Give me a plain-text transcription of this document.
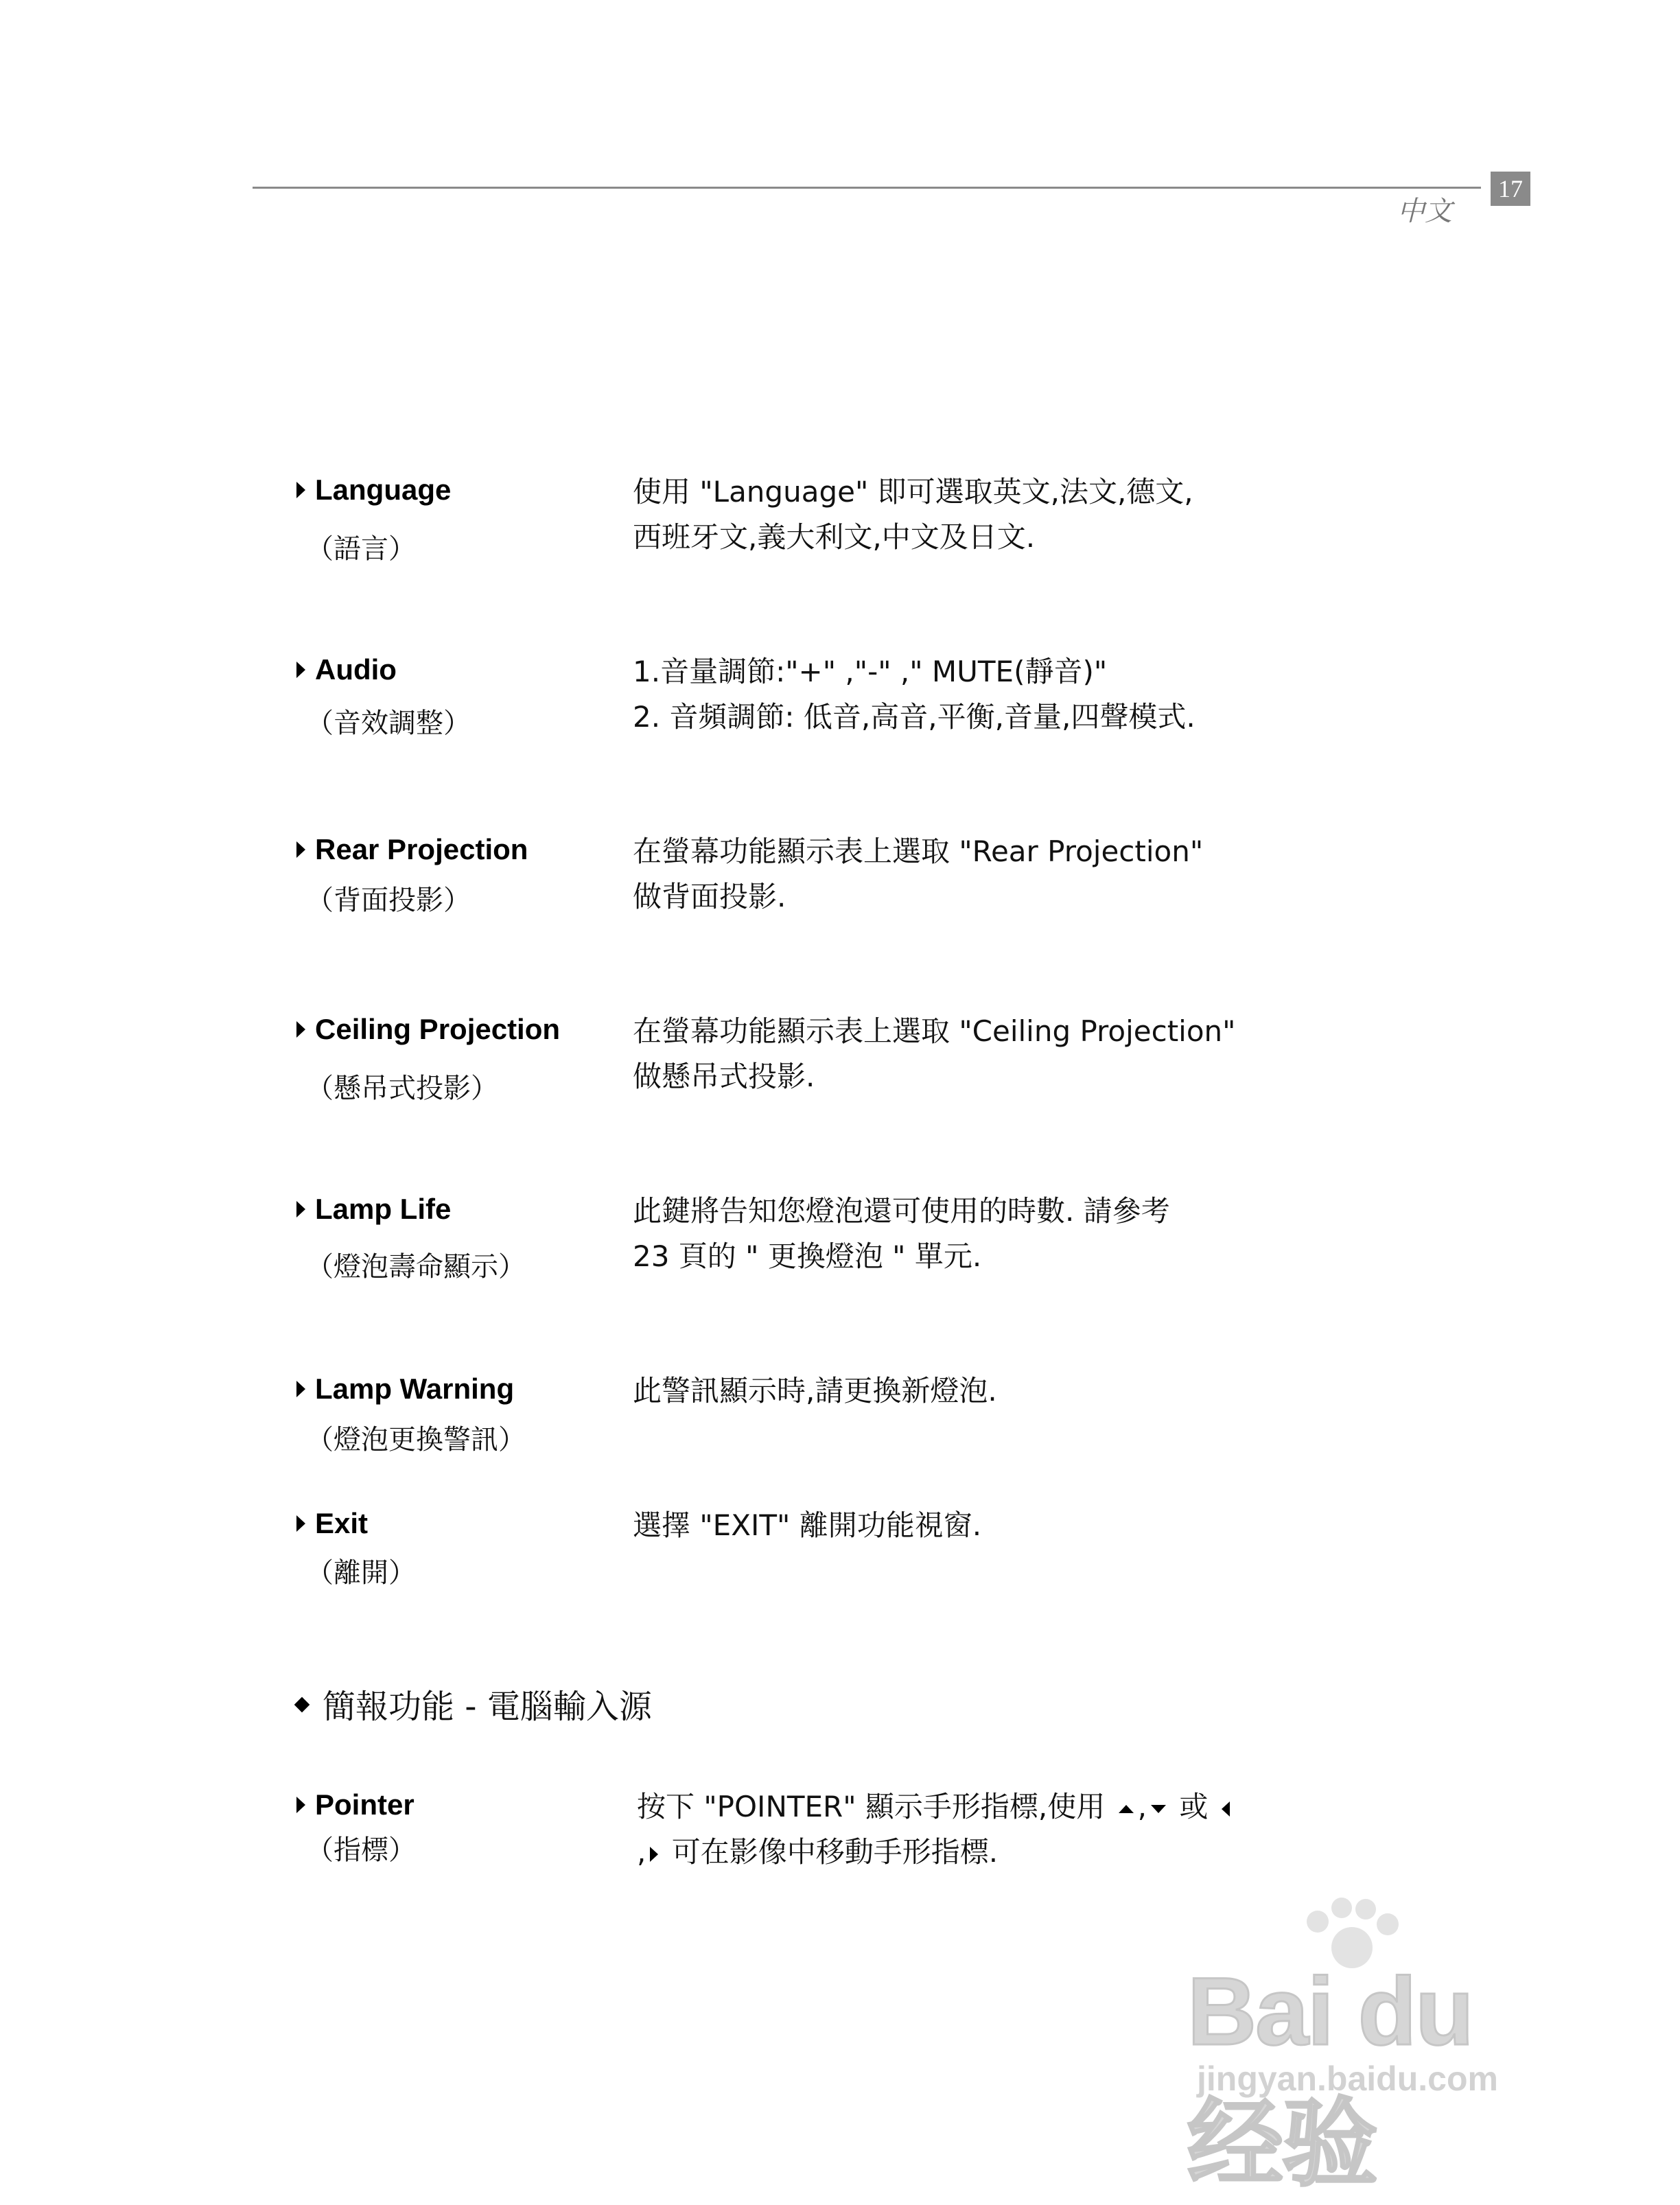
17
中文
Language
（語言）
使用 "Language" 即可選取英文,法文,德文,
西班牙文,義大利文,中文及日文.
Audio
（音效調整）
1.音量調節:"+" ,"-" ," MUTE(靜音)"
2. 音頻調節: 低音,高音,平衡,音量,四聲模式.
Rear Projection
（背面投影）
在螢幕功能顯示表上選取 "Rear Projection"
做背面投影.
Ceiling Projection
（懸吊式投影）
在螢幕功能顯示表上選取 "Ceiling Projection"
做懸吊式投影.
Lamp Life
（燈泡壽命顯示）
此鍵將告知您燈泡還可使用的時數. 請參考
23 頁的 " 更換燈泡 " 單元.
Lamp Warning
（燈泡更換警訊）
此警訊顯示時,請更換新燈泡.
Exit
（離開）
選擇 "EXIT" 離開功能視窗.
簡報功能 - 電腦輸入源
Pointer
（指標）
按下 "POINTER" 顯示手形指標,使用 , 或
, 可在影像中移動手形指標.
Bai du 经验
jingyan.baidu.com
